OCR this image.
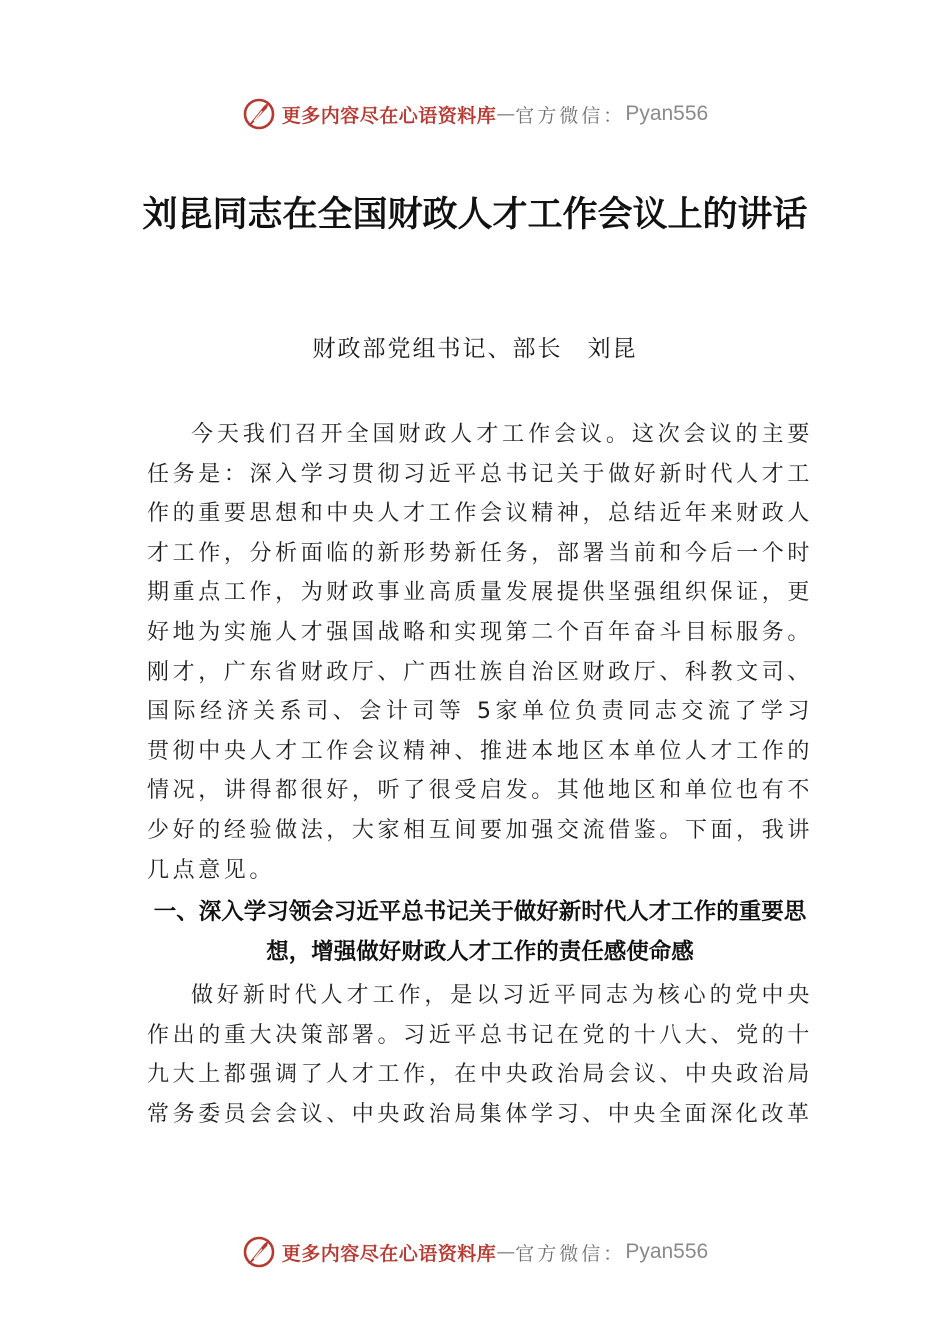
更多内容尽在心语资料库 — 官方微信： Pyan556
刘昆同志在全国财政人才工作会议上的讲话
财政部党组书记、部长　刘昆

今天我们召开全国财政人才工作会议。这次会议的主要任务是：深入学习贯彻习近平总书记关于做好新时代人才工作的重要思想和中央人才工作会议精神，总结近年来财政人才工作，分析面临的新形势新任务，部署当前和今后一个时期重点工作，为财政事业高质量发展提供坚强组织保证，更好地为实施人才强国战略和实现第二个百年奋斗目标服务。 刚才，广东省财政厅、广西壮族自治区财政厅、科教文司、 国际经济关系司、会计司等 5家单位负责同志交流了学习贯彻中央人才工作会议精神、推进本地区本单位人才工作的情况，讲得都很好，听了很受启发。其他地区和单位也有不少好的经验做法，大家相互间要加强交流借鉴。下面，我讲几点意见。

一、深入学习领会习近平总书记关于做好新时代人才工作的重要思想，增强做好财政人才工作的责任感使命感

做好新时代人才工作，是以习近平同志为核心的党中央作出的重大决策部署。习近平总书记在党的十八大、党的十九大上都强调了人才工作，在中央政治局会议、中央政治局常务委员会会议、中央政治局集体学习、中央全面深化改革

更多内容尽在心语资料库 — 官方微信： Pyan556
